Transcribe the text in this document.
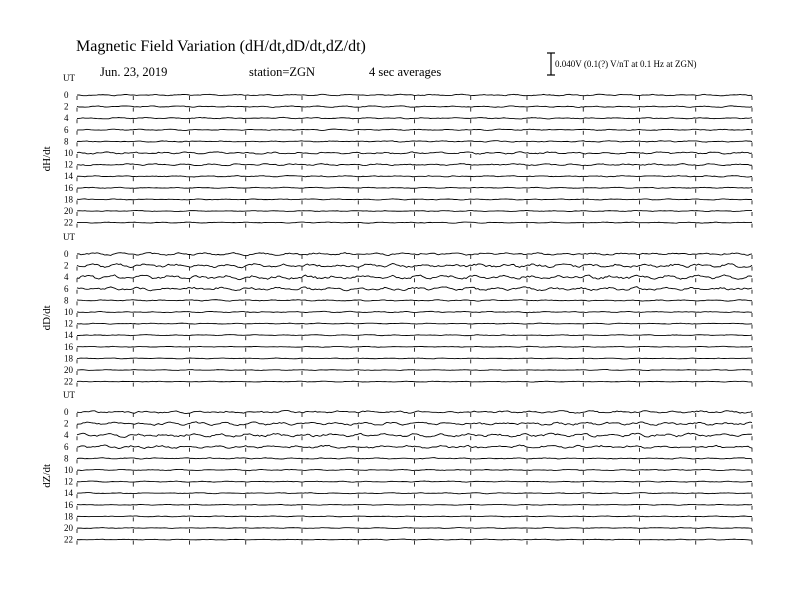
UT
dH/dt
0
2
4
6
8
10
12
14
16
18
20
22
UT
dD/dt
0
2
4
6
8
10
12
14
16
18
20
22
UT
dZ/dt
0
2
4
6
8
10
12
14
16
18
20
22
Magnetic Field Variation (dH/dt,dD/dt,dZ/dt)
Jun. 23, 2019	station=ZGN	4 sec averages
0.040V (0.1(?) V/nT at 0.1 Hz at ZGN)
